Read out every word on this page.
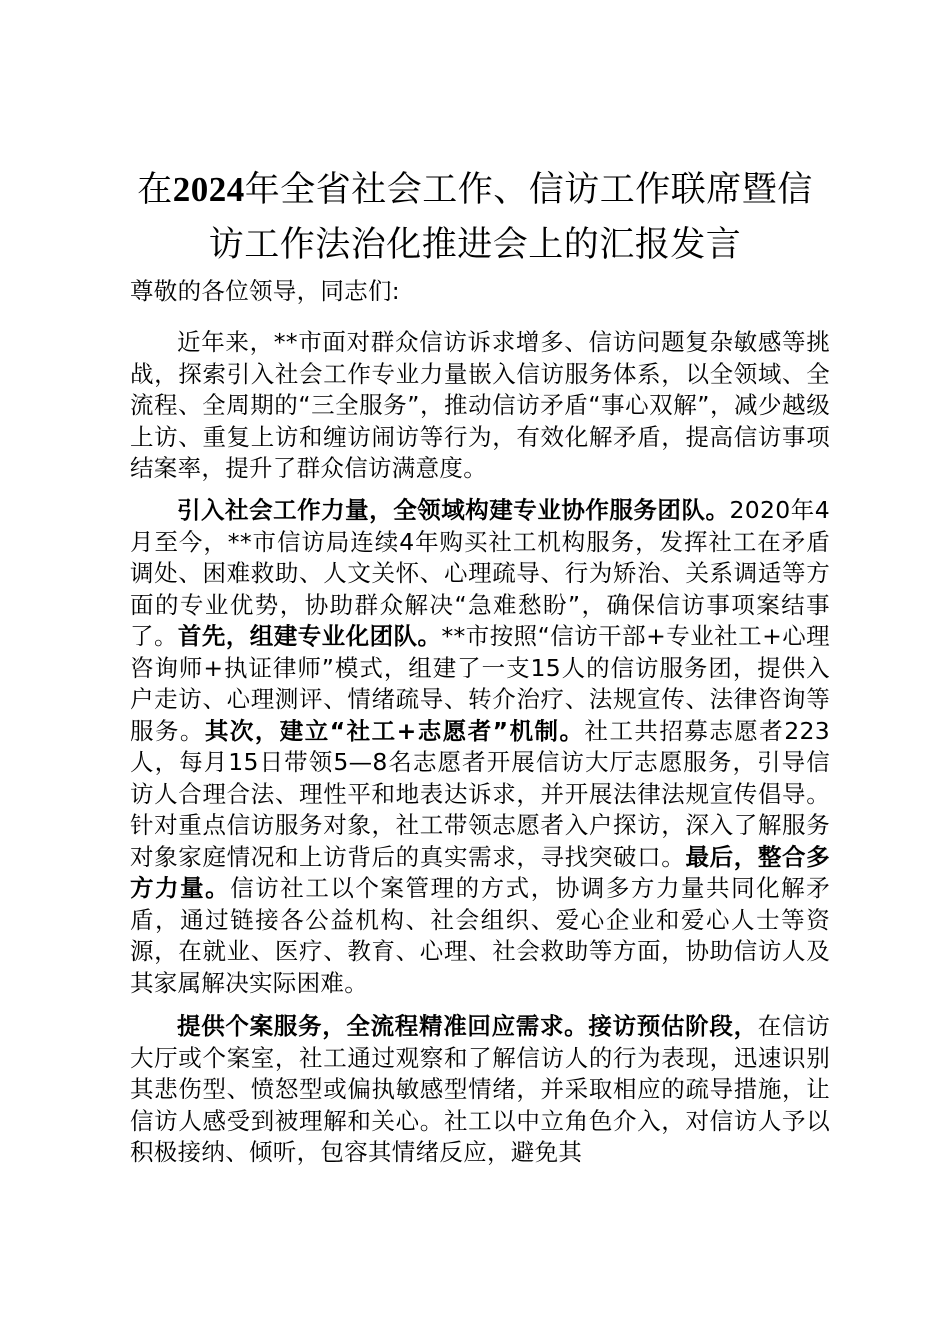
在2024年全省社会工作、信访工作联席暨信
访工作法治化推进会上的汇报发言

尊敬的各位领导，同志们:

近年来，**市面对群众信访诉求增多、信访问题复杂敏感等挑战，探索引入社会工作专业力量嵌入信访服务体系，以全领域、全流程、全周期的“三全服务”，推动信访矛盾“事心双解”，减少越级上访、重复上访和缠访闹访等行为，有效化解矛盾，提高信访事项结案率，提升了群众信访满意度。

引入社会工作力量，全领域构建专业协作服务团队。2020年4月至今，**市信访局连续4年购买社工机构服务，发挥社工在矛盾调处、困难救助、人文关怀、心理疏导、行为矫治、关系调适等方面的专业优势，协助群众解决“急难愁盼”，确保信访事项案结事了。首先，组建专业化团队。**市按照“信访干部+专业社工+心理咨询师+执证律师”模式，组建了一支15人的信访服务团，提供入户走访、心理测评、情绪疏导、转介治疗、法规宣传、法律咨询等服务。其次，建立“社工+志愿者”机制。社工共招募志愿者223人，每月15日带领5—8名志愿者开展信访大厅志愿服务，引导信访人合理合法、理性平和地表达诉求，并开展法律法规宣传倡导。针对重点信访服务对象，社工带领志愿者入户探访，深入了解服务对象家庭情况和上访背后的真实需求，寻找突破口。最后，整合多方力量。信访社工以个案管理的方式，协调多方力量共同化解矛盾，通过链接各公益机构、社会组织、爱心企业和爱心人士等资源，在就业、医疗、教育、心理、社会救助等方面，协助信访人及其家属解决实际困难。

提供个案服务，全流程精准回应需求。接访预估阶段，在信访大厅或个案室，社工通过观察和了解信访人的行为表现，迅速识别其悲伤型、愤怒型或偏执敏感型情绪，并采取相应的疏导措施，让信访人感受到被理解和关心。社工以中立角色介入，对信访人予以积极接纳、倾听，包容其情绪反应，避免其
